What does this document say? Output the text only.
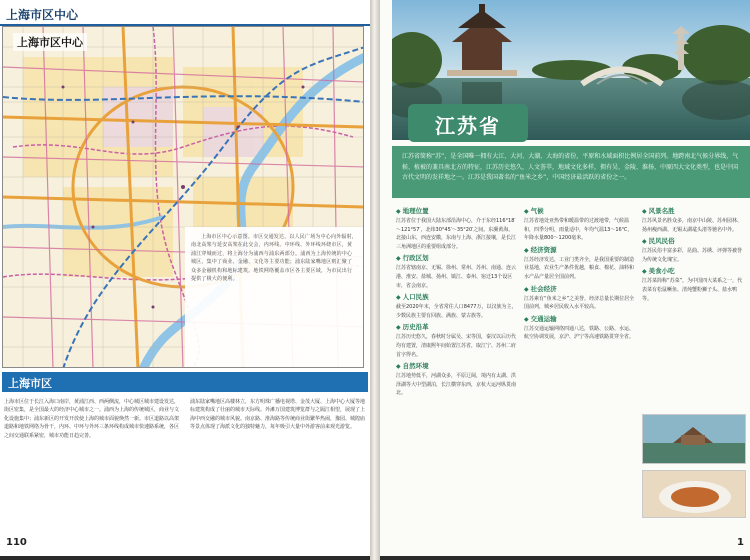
上海市区中心
上海市区中心

上海市区中心示意图。市区交通发达，以人民广场为中心向外辐射，南北高架与延安高架在此交会，内环线、中环线、外环线环绕市区，黄浦江穿城而过，将上海分为浦西与浦东两部分。浦西为上海传统的中心城区，集中了商业、金融、文化等主要功能；浦东陆家嘴地区则汇聚了众多金融机构和地标建筑。地铁网络覆盖市区各主要区域，为市民出行提供了极大的便利。

上海市区
上海市区位于长江入海口南岸，黄浦江西、西两侧流，中心城区城市建设发达，街区密集，是全国最大的经济中心城市之一。浦西为上海的传统城区，商业与文化设施集中；浦东新区的开发开放使上海的城市面貌焕然一新。市区道路以高架道路和地铁网络为骨干，内环、中环与外环三条环线构成城市快速路系统，各区之间交通联系紧密，城市功能日趋完善。
浦东陆家嘴地区高楼林立，东方明珠广播电视塔、金茂大厦、上海中心大厦等地标建筑构成了壮丽的城市天际线。外滩万国建筑博览群与之隔江相望，展现了上海中西交融的城市风貌。南京路、淮海路等传统商业街繁华热闹，豫园、城隍庙等景点体现了海派文化的独特魅力，每年吸引大量中外游客前来观光游览。
110
江苏省

江苏省简称“苏”，是全国唯一拥有大江、大河、大湖、大海的省份，平原和水域面积比例居全国前列。地跨南北气候分界线，气候、植被的兼具南北方的特征，江苏历史悠久，人文荟萃，地域文化多样，拥有吴、金陵、淮扬、中原四大文化类型，也是中国古代文明的发祥地之一。江苏是我国著名的“鱼米之乡”，中国经济最活跃的省份之一。

◆ 地理位置
江苏省位于我国大陆东部沿海中心，介于东经116°18′～121°57′，北纬30°45′～35°20′之间。东濒黄海，北接山东，西连安徽，东南与上海、浙江接壤，是长江三角洲地区的重要组成部分。
◆ 行政区划
江苏省辖南京、无锡、徐州、常州、苏州、南通、连云港、淮安、盐城、扬州、镇江、泰州、宿迁13个设区市，省会南京。
◆ 人口民族
截至2020年末，全省常住人口8477万，以汉族为主，少数民族主要有回族、满族、蒙古族等。
◆ 历史沿革
江苏历史悠久，春秋时分属吴、宋等国，秦汉以后历代均有建置，清康熙年间始置江苏省，取江宁、苏州二府首字得名。
◆ 自然环境
江苏地势低平，河湖众多，平原辽阔，境内有太湖、洪泽湖等大中型湖泊，长江横穿东西，京杭大运河纵贯南北。
◆ 气候
江苏省地处亚热带和暖温带的过渡地带，气候温和，四季分明，雨量适中，年均气温13～16℃，年降水量800～1200毫米。
◆ 经济资源
江苏经济发达，工业门类齐全，是我国重要的制造业基地，农业生产条件优越，粮食、棉花、油料和水产品产量居全国前列。
◆ 社会经济
江苏素有“鱼米之乡”之美誉，经济总量长期位居全国前列，城乡居民收入水平较高。
◆ 交通运输
江苏交通运输网络四通八达，铁路、公路、水运、航空协调发展，京沪、沪宁等高速铁路贯穿全省。
◆ 风景名胜
江苏风景名胜众多，南京中山陵、苏州园林、扬州瘦西湖、无锡太湖鼋头渚等驰名中外。
◆ 民风民俗
江苏民俗丰富多彩，昆曲、苏绣、评弹等被誉为传统文化瑰宝。
◆ 美食小吃
江苏菜简称“苏菜”，为中国四大菜系之一，代表菜有松鼠鳜鱼、清炖蟹粉狮子头、盐水鸭等。
1
